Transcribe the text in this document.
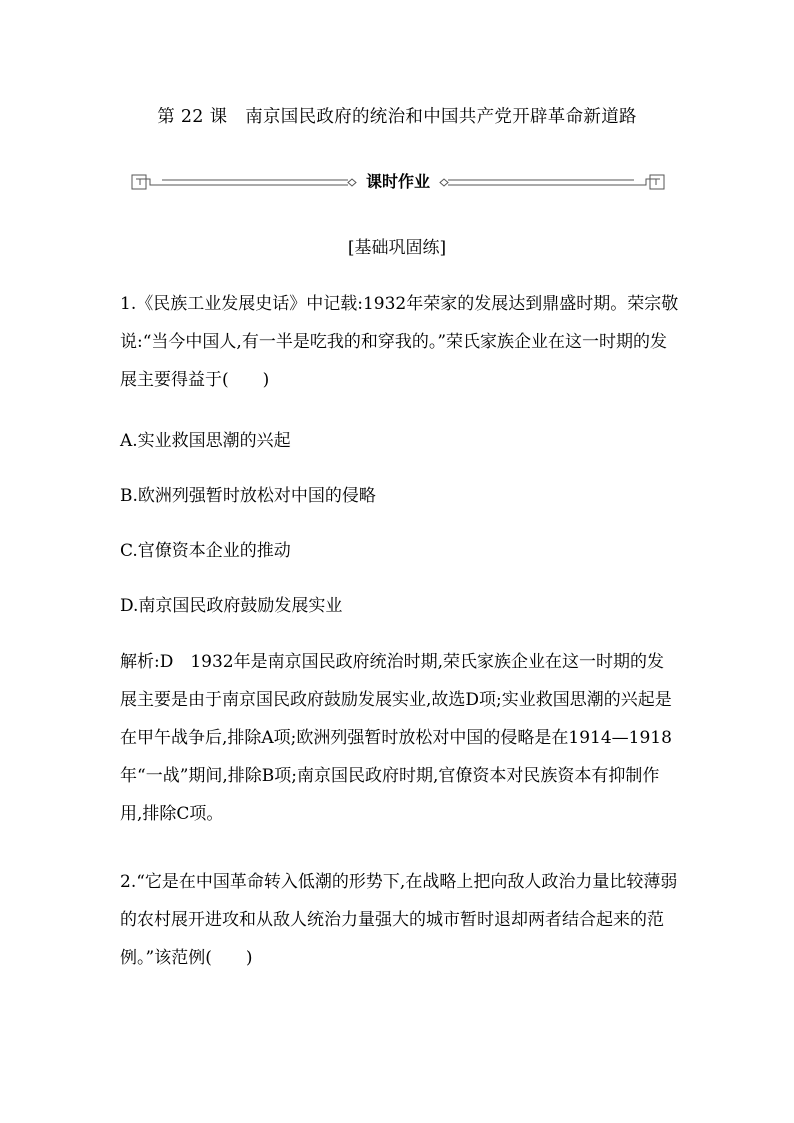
第 22 课　南京国民政府的统治和中国共产党开辟革命新道路
课时作业
[基础巩固练]
1.《民族工业发展史话》中记载:1932年荣家的发展达到鼎盛时期。荣宗敬说:“当今中国人,有一半是吃我的和穿我的。”荣氏家族企业在这一时期的发展主要得益于(　　)
A.实业救国思潮的兴起
B.欧洲列强暂时放松对中国的侵略
C.官僚资本企业的推动
D.南京国民政府鼓励发展实业
解析:D　1932年是南京国民政府统治时期,荣氏家族企业在这一时期的发展主要是由于南京国民政府鼓励发展实业,故选D项;实业救国思潮的兴起是在甲午战争后,排除A项;欧洲列强暂时放松对中国的侵略是在1914—1918年“一战”期间,排除B项;南京国民政府时期,官僚资本对民族资本有抑制作用,排除C项。
2.“它是在中国革命转入低潮的形势下,在战略上把向敌人政治力量比较薄弱的农村展开进攻和从敌人统治力量强大的城市暂时退却两者结合起来的范例。”该范例(　　)
